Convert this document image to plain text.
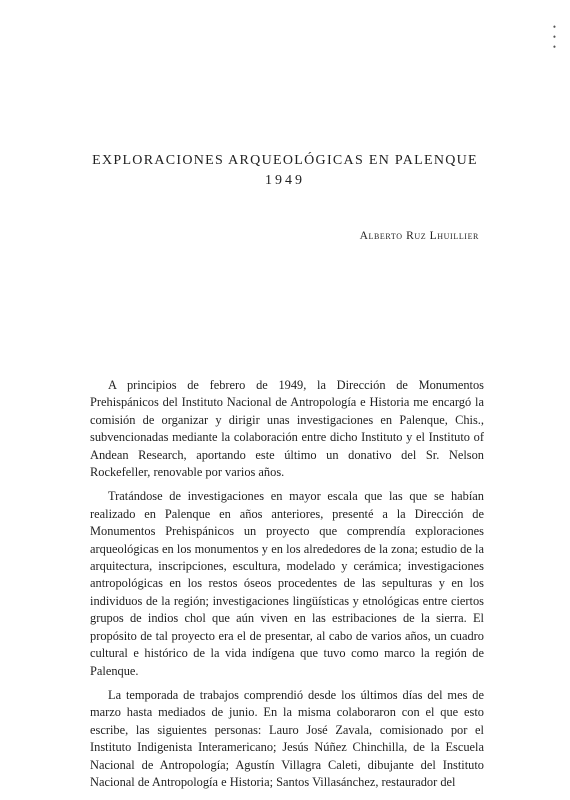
•
•
•
EXPLORACIONES ARQUEOLÓGICAS EN PALENQUE
1949
Alberto Ruz Lhuillier

A principios de febrero de 1949, la Dirección de Monumentos Prehispánicos del Instituto Nacional de Antropología e Historia me encargó la comisión de organizar y dirigir unas investigaciones en Palenque, Chis., subvencionadas mediante la colaboración entre dicho Instituto y el Instituto of Andean Research, aportando este último un donativo del Sr. Nelson Rockefeller, renovable por varios años.

Tratándose de investigaciones en mayor escala que las que se habían realizado en Palenque en años anteriores, presenté a la Dirección de Monumentos Prehispánicos un proyecto que comprendía exploraciones arqueológicas en los monumentos y en los alrededores de la zona; estudio de la arquitectura, inscripciones, escultura, modelado y cerámica; investigaciones antropológicas en los restos óseos procedentes de las sepulturas y en los individuos de la región; investigaciones lingüísticas y etnológicas entre ciertos grupos de indios chol que aún viven en las estribaciones de la sierra. El propósito de tal proyecto era el de presentar, al cabo de varios años, un cuadro cultural e histórico de la vida indígena que tuvo como marco la región de Palenque.

La temporada de trabajos comprendió desde los últimos días del mes de marzo hasta mediados de junio. En la misma colaboraron con el que esto escribe, las siguientes personas: Lauro José Zavala, comisionado por el Instituto Indigenista Interamericano; Jesús Núñez Chinchilla, de la Escuela Nacional de Antropología; Agustín Villagra Caleti, dibujante del Instituto Nacional de Antropología e Historia; Santos Villasánchez, restaurador del
